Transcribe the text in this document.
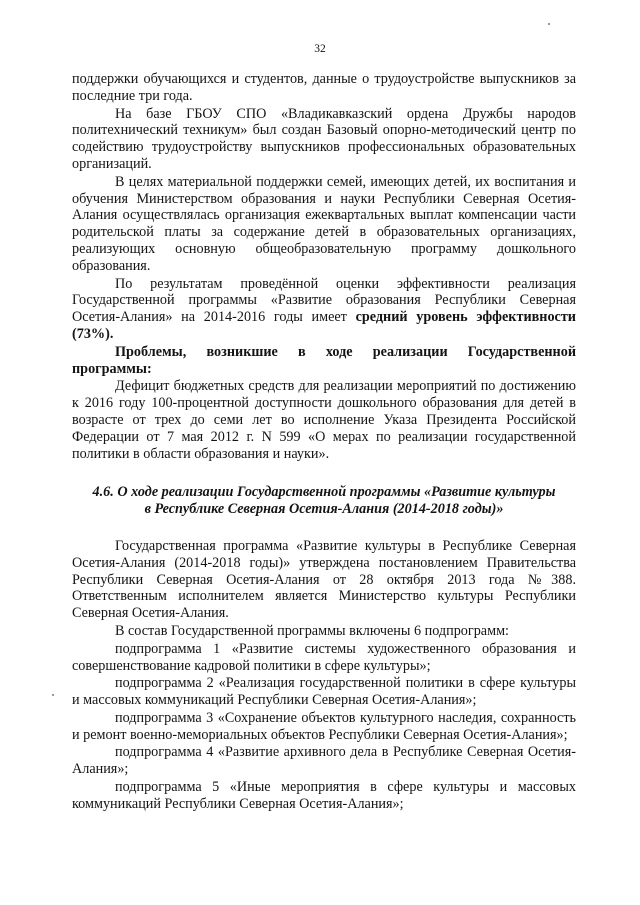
32

поддержки обучающихся и студентов, данные о трудоустройстве выпускников за последние три года.

На базе ГБОУ СПО «Владикавказский ордена Дружбы народов политехнический техникум» был создан Базовый опорно-методический центр по содействию трудоустройству выпускников профессиональных образовательных организаций.

В целях материальной поддержки семей, имеющих детей, их воспитания и обучения Министерством образования и науки Республики Северная Осетия-Алания осуществлялась организация ежеквартальных выплат компенсации части родительской платы за содержание детей в образовательных организациях, реализующих основную общеобразовательную программу дошкольного образования.

По результатам проведённой оценки эффективности реализация Государственной программы «Развитие образования Республики Северная Осетия-Алания» на 2014-2016 годы имеет средний уровень эффективности (73%).

Проблемы, возникшие в ходе реализации Государственной программы:

Дефицит бюджетных средств для реализации мероприятий по достижению к 2016 году 100-процентной доступности дошкольного образования для детей в возрасте от трех до семи лет во исполнение Указа Президента Российской Федерации от 7 мая 2012 г. N 599 «О мерах по реализации государственной политики в области образования и науки».

4.6. О ходе реализации Государственной программы «Развитие культуры
в Республике Северная Осетия-Алания (2014-2018 годы)»

Государственная программа «Развитие культуры в Республике Северная Осетия-Алания (2014-2018 годы)» утверждена постановлением Правительства Республики Северная Осетия-Алания от 28 октября 2013 года №388. Ответственным исполнителем является Министерство культуры Республики Северная Осетия-Алания.

В состав Государственной программы включены 6 подпрограмм:

подпрограмма 1 «Развитие системы художественного образования и совершенствование кадровой политики в сфере культуры»;

подпрограмма 2 «Реализация государственной политики в сфере культуры и массовых коммуникаций Республики Северная Осетия-Алания»;

подпрограмма 3 «Сохранение объектов культурного наследия, сохранность и ремонт военно-мемориальных объектов Республики Северная Осетия-Алания»;

подпрограмма 4 «Развитие архивного дела в Республике Северная Осетия-Алания»;

подпрограмма 5 «Иные мероприятия в сфере культуры и массовых коммуникаций Республики Северная Осетия-Алания»;
